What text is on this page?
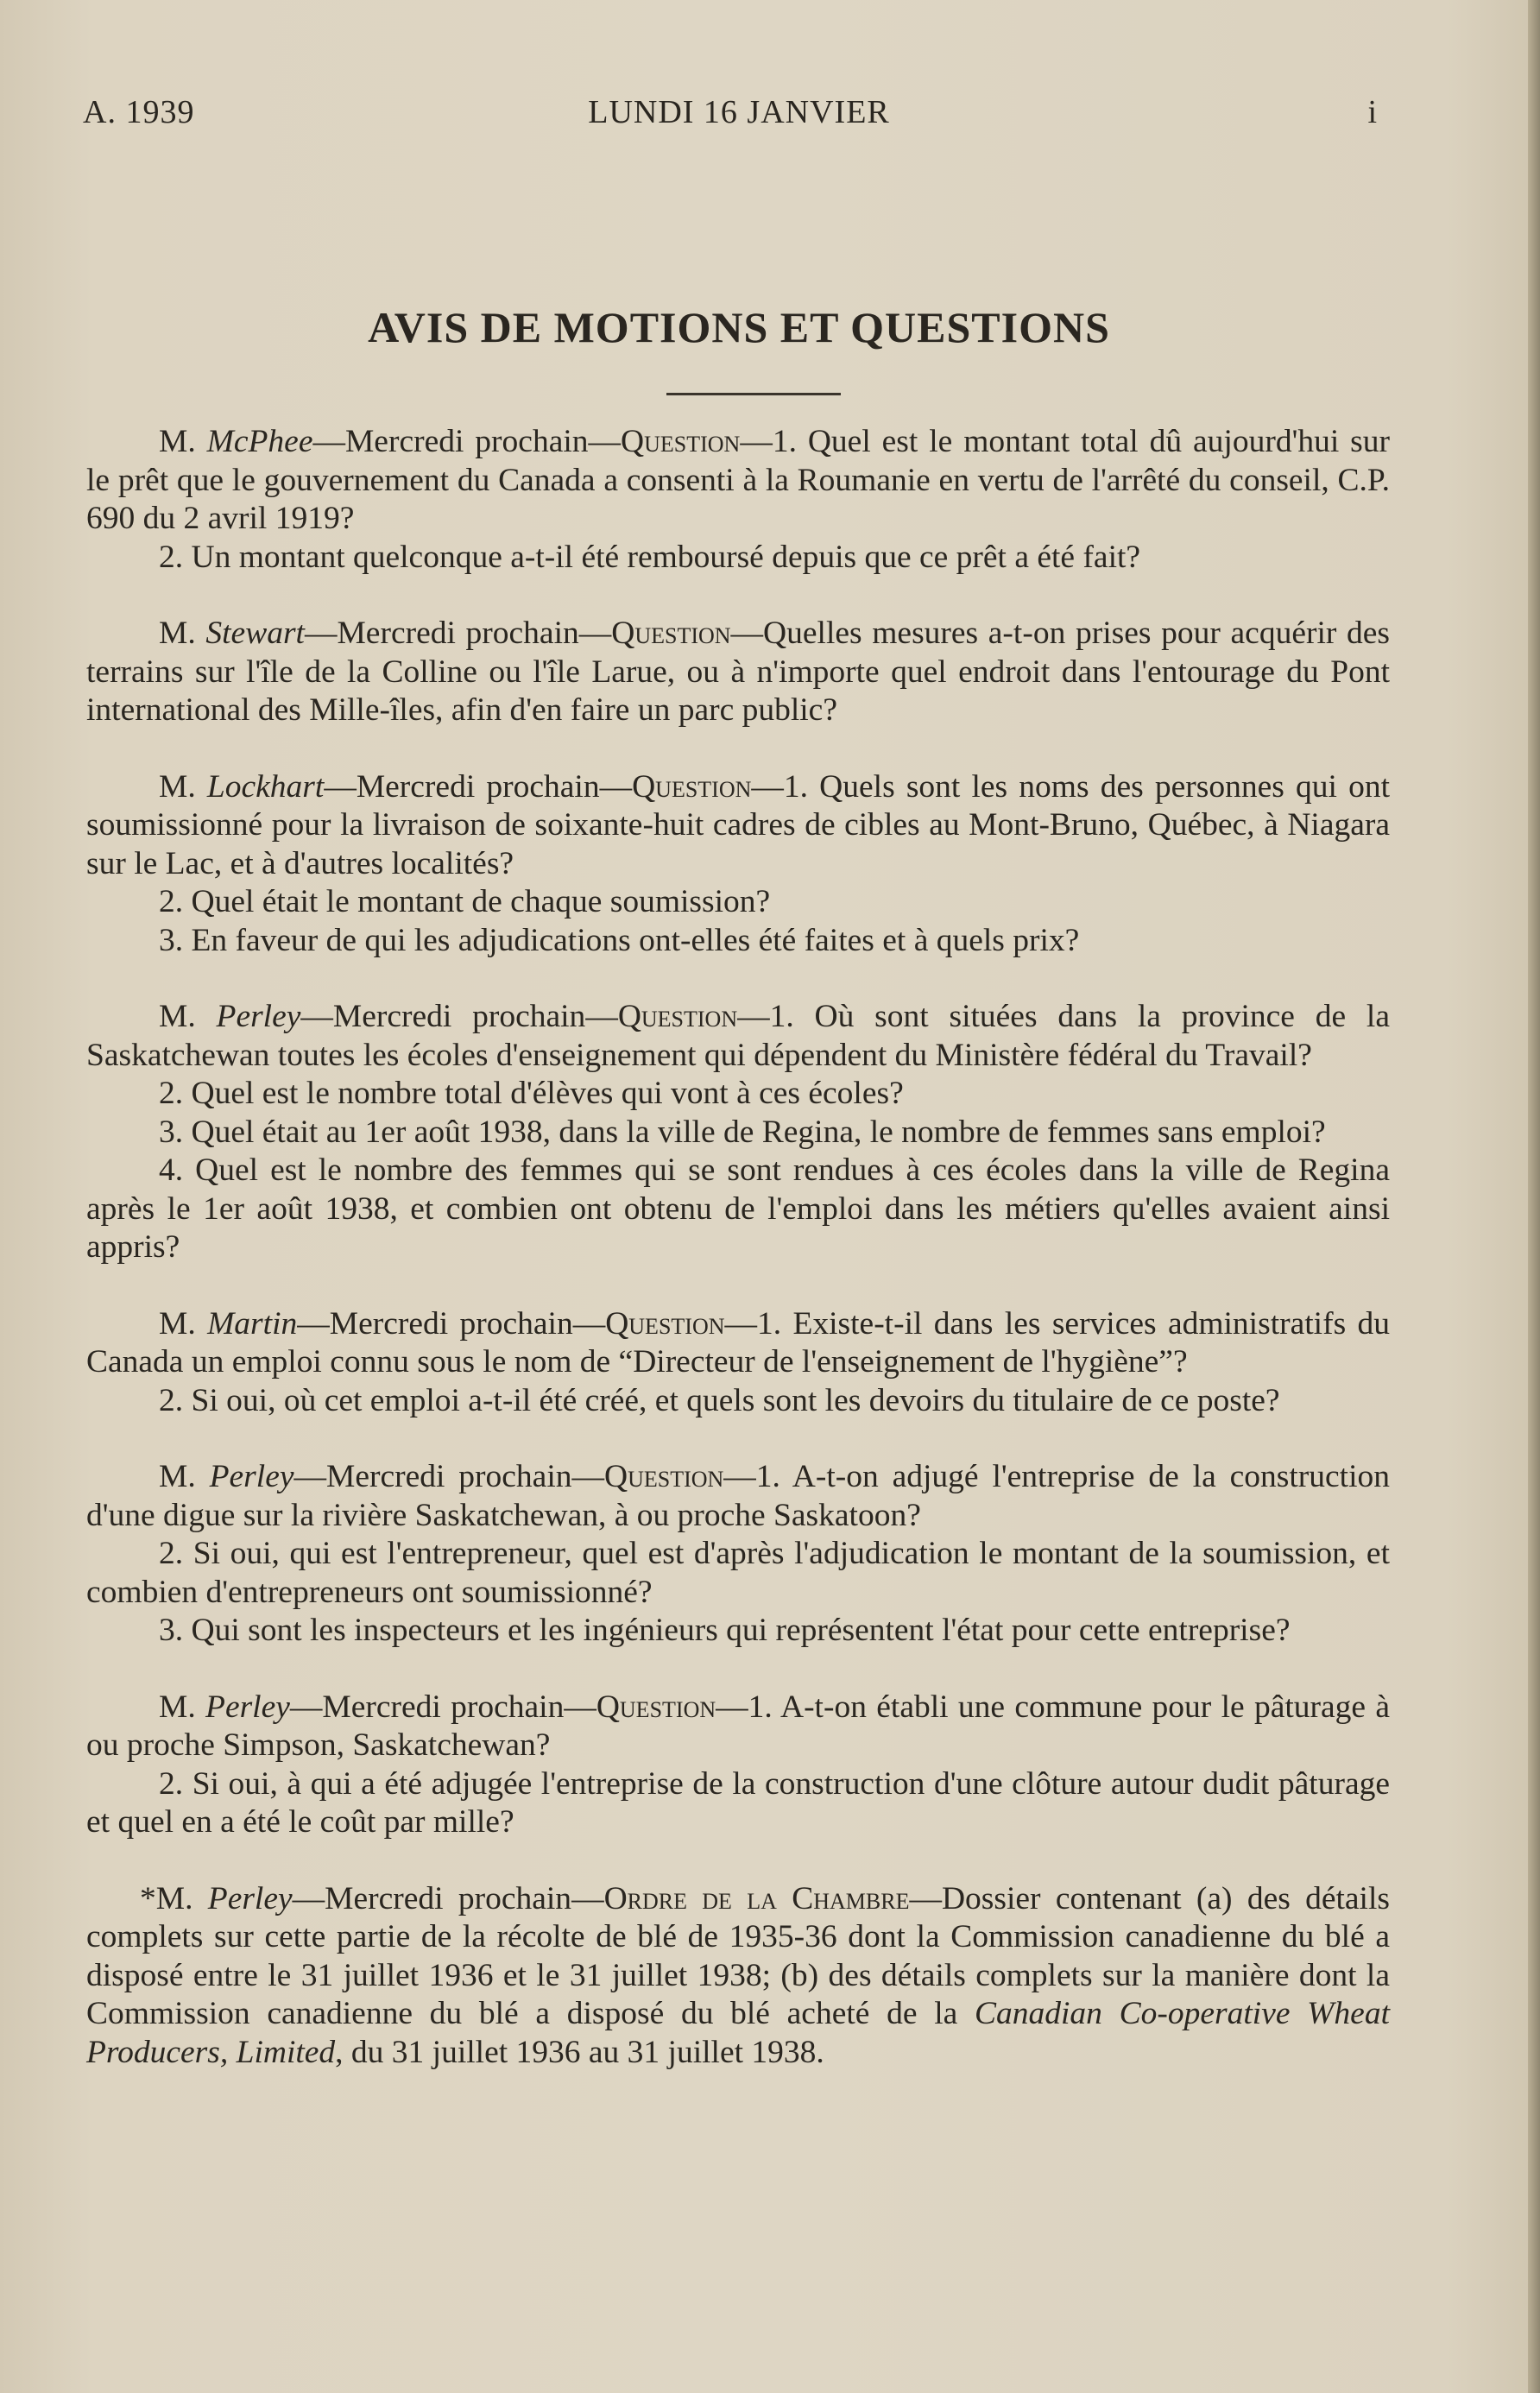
A. 1939	LUNDI 16 JANVIER	i
AVIS DE MOTIONS ET QUESTIONS

M. McPhee—Mercredi prochain—Question—1. Quel est le montant total dû aujourd'hui sur le prêt que le gouvernement du Canada a consenti à la Roumanie en vertu de l'arrêté du conseil, C.P. 690 du 2 avril 1919?

2. Un montant quelconque a-t-il été remboursé depuis que ce prêt a été fait?

M. Stewart—Mercredi prochain—Question—Quelles mesures a-t-on prises pour acquérir des terrains sur l'île de la Colline ou l'île Larue, ou à n'importe quel endroit dans l'entourage du Pont international des Mille-îles, afin d'en faire un parc public?

M. Lockhart—Mercredi prochain—Question—1. Quels sont les noms des personnes qui ont soumissionné pour la livraison de soixante-huit cadres de cibles au Mont-Bruno, Québec, à Niagara sur le Lac, et à d'autres localités?

2. Quel était le montant de chaque soumission?

3. En faveur de qui les adjudications ont-elles été faites et à quels prix?

M. Perley—Mercredi prochain—Question—1. Où sont situées dans la province de la Saskatchewan toutes les écoles d'enseignement qui dépendent du Ministère fédéral du Travail?

2. Quel est le nombre total d'élèves qui vont à ces écoles?

3. Quel était au 1er août 1938, dans la ville de Regina, le nombre de femmes sans emploi?

4. Quel est le nombre des femmes qui se sont rendues à ces écoles dans la ville de Regina après le 1er août 1938, et combien ont obtenu de l'emploi dans les métiers qu'elles avaient ainsi appris?

M. Martin—Mercredi prochain—Question—1. Existe-t-il dans les services administratifs du Canada un emploi connu sous le nom de “Directeur de l'enseignement de l'hygiène”?

2. Si oui, où cet emploi a-t-il été créé, et quels sont les devoirs du titulaire de ce poste?

M. Perley—Mercredi prochain—Question—1. A-t-on adjugé l'entreprise de la construction d'une digue sur la rivière Saskatchewan, à ou proche Saskatoon?

2. Si oui, qui est l'entrepreneur, quel est d'après l'adjudication le montant de la soumission, et combien d'entrepreneurs ont soumissionné?

3. Qui sont les inspecteurs et les ingénieurs qui représentent l'état pour cette entreprise?

M. Perley—Mercredi prochain—Question—1. A-t-on établi une commune pour le pâturage à ou proche Simpson, Saskatchewan?

2. Si oui, à qui a été adjugée l'entreprise de la construction d'une clôture autour dudit pâturage et quel en a été le coût par mille?

*M. Perley—Mercredi prochain—Ordre de la Chambre—Dossier contenant (a) des détails complets sur cette partie de la récolte de blé de 1935-36 dont la Commission canadienne du blé a disposé entre le 31 juillet 1936 et le 31 juillet 1938; (b) des détails complets sur la manière dont la Commission canadienne du blé a disposé du blé acheté de la Canadian Co-operative Wheat Producers, Limited, du 31 juillet 1936 au 31 juillet 1938.
